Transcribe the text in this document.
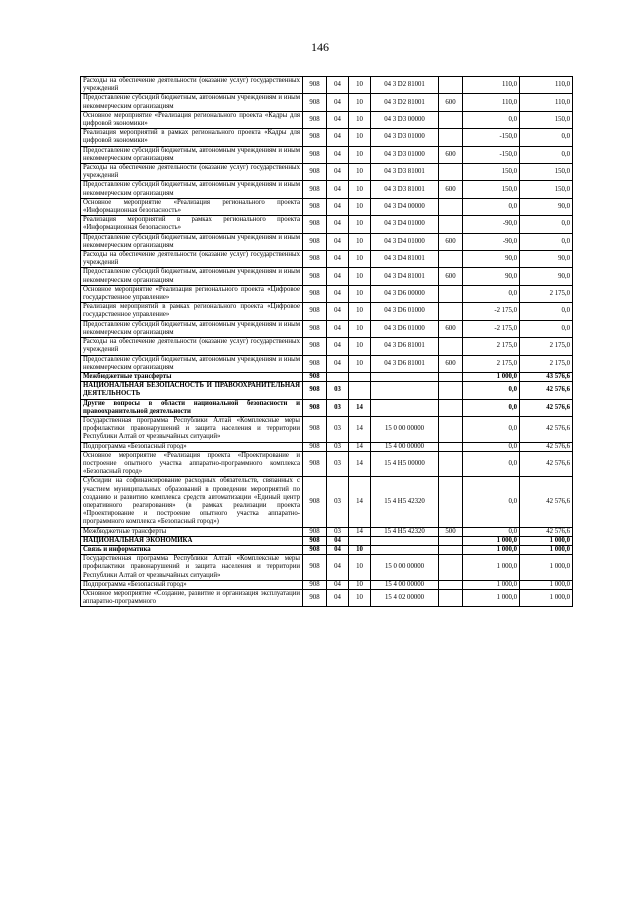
146
Расходы на обеспечение деятельности (оказание услуг) государственных учреждений	908	04	10	04 3 D2 81001		110,0	110,0
Предоставление субсидий бюджетным, автономным учреждениям и иным некоммерческим организациям	908	04	10	04 3 D2 81001	600	110,0	110,0
Основное мероприятие «Реализация регионального проекта «Кадры для цифровой экономики»	908	04	10	04 3 D3 00000		0,0	150,0
Реализация мероприятий в рамках регионального проекта «Кадры для цифровой экономики»	908	04	10	04 3 D3 01000		-150,0	0,0
Предоставление субсидий бюджетным, автономным учреждениям и иным некоммерческим организациям	908	04	10	04 3 D3 01000	600	-150,0	0,0
Расходы на обеспечение деятельности (оказание услуг) государственных учреждений	908	04	10	04 3 D3 81001		150,0	150,0
Предоставление субсидий бюджетным, автономным учреждениям и иным некоммерческим организациям	908	04	10	04 3 D3 81001	600	150,0	150,0
Основное мероприятие «Реализация регионального проекта «Информационная безопасность»	908	04	10	04 3 D4 00000		0,0	90,0
Реализация мероприятий в рамках регионального проекта «Информационная безопасность»	908	04	10	04 3 D4 01000		-90,0	0,0
Предоставление субсидий бюджетным, автономным учреждениям и иным некоммерческим организациям	908	04	10	04 3 D4 01000	600	-90,0	0,0
Расходы на обеспечение деятельности (оказание услуг) государственных учреждений	908	04	10	04 3 D4 81001		90,0	90,0
Предоставление субсидий бюджетным, автономным учреждениям и иным некоммерческим организациям	908	04	10	04 3 D4 81001	600	90,0	90,0
Основное мероприятие «Реализация регионального проекта «Цифровое государственное управление»	908	04	10	04 3 D6 00000		0,0	2 175,0
Реализация мероприятий в рамках регионального проекта «Цифровое государственное управление»	908	04	10	04 3 D6 01000		-2 175,0	0,0
Предоставление субсидий бюджетным, автономным учреждениям и иным некоммерческим организациям	908	04	10	04 3 D6 01000	600	-2 175,0	0,0
Расходы на обеспечение деятельности (оказание услуг) государственных учреждений	908	04	10	04 3 D6 81001		2 175,0	2 175,0
Предоставление субсидий бюджетным, автономным учреждениям и иным некоммерческим организациям	908	04	10	04 3 D6 81001	600	2 175,0	2 175,0
Межбюджетные трансферты	908					1 000,0	43 576,6
НАЦИОНАЛЬНАЯ БЕЗОПАСНОСТЬ И ПРАВООХРАНИТЕЛЬНАЯ ДЕЯТЕЛЬНОСТЬ	908	03				0,0	42 576,6
Другие вопросы в области национальной безопасности и правоохранительной деятельности	908	03	14			0,0	42 576,6
Государственная программа Республики Алтай «Комплексные меры профилактики правонарушений и защита населения и территории Республики Алтай от чрезвычайных ситуаций»	908	03	14	15 0 00 00000		0,0	42 576,6
Подпрограмма «Безопасный город»	908	03	14	15 4 00 00000		0,0	42 576,6
Основное мероприятие «Реализация проекта «Проектирование и построение опытного участка аппаратно-программного комплекса «Безопасный город»	908	03	14	15 4 H5 00000		0,0	42 576,6
Субсидии на софинансирование расходных обязательств, связанных с участием муниципальных образований в проведении мероприятий по созданию и развитию комплекса средств автоматизации «Единый центр оперативного реагирования» (в рамках реализации проекта «Проектирование и построение опытного участка аппаратно-программного комплекса «Безопасный город»)	908	03	14	15 4 H5 42320		0,0	42 576,6
Межбюджетные трансферты	908	03	14	15 4 H5 42320	500	0,0	42 576,6
НАЦИОНАЛЬНАЯ ЭКОНОМИКА	908	04				1 000,0	1 000,0
Связь и информатика	908	04	10			1 000,0	1 000,0
Государственная программа Республики Алтай «Комплексные меры профилактики правонарушений и защита населения и территории Республики Алтай от чрезвычайных ситуаций»	908	04	10	15 0 00 00000		1 000,0	1 000,0
Подпрограмма «Безопасный город»	908	04	10	15 4 00 00000		1 000,0	1 000,0
Основное мероприятие «Создание, развитие и организация эксплуатации аппаратно-программного	908	04	10	15 4 02 00000		1 000,0	1 000,0
